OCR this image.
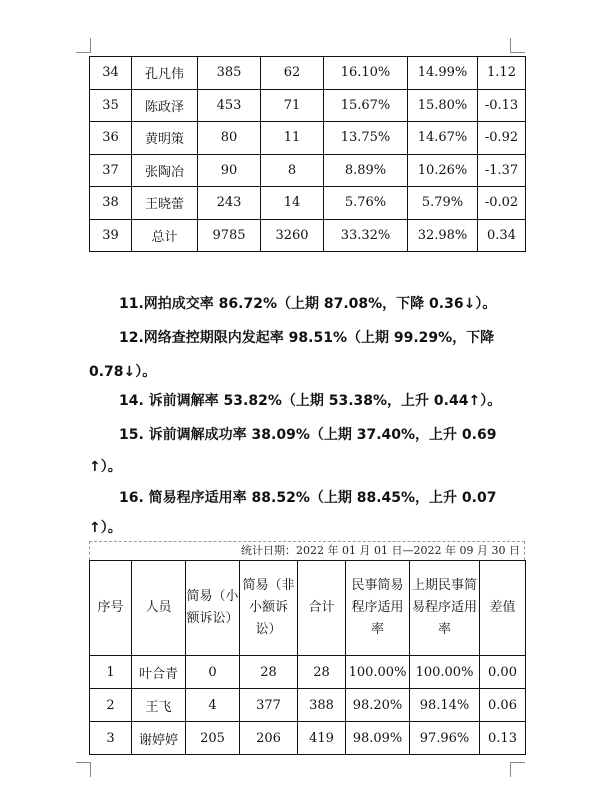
34	孔凡伟	385	62	16.10%	14.99%	1.12
35	陈政泽	453	71	15.67%	15.80%	-0.13
36	黄明策	80	11	13.75%	14.67%	-0.92
37	张陶冶	90	8	8.89%	10.26%	-1.37
38	王晓蕾	243	14	5.76%	5.79%	-0.02
39	总计	9785	3260	33.32%	32.98%	0.34

11.网拍成交率 86.72%（上期 87.08%，下降 0.36↓）。

12.网络查控期限内发起率 98.51%（上期 99.29%，下降

0.78↓）。

14. 诉前调解率 53.82%（上期 53.38%，上升 0.44↑）。

15. 诉前调解成功率 38.09%（上期 37.40%，上升 0.69

↑）。

16. 简易程序适用率 88.52%（上期 88.45%，上升 0.07

↑）。

统计日期：2022 年 01 月 01 日—2022 年 09 月 30 日
序号	人员	简易（小额诉讼）	简易（非小额诉讼）	合计	民事简易程序适用率	上期民事简易程序适用率	差值
1	叶合青	0	28	28	100.00%	100.00%	0.00
2	王飞	4	377	388	98.20%	98.14%	0.06
3	谢婷婷	205	206	419	98.09%	97.96%	0.13
